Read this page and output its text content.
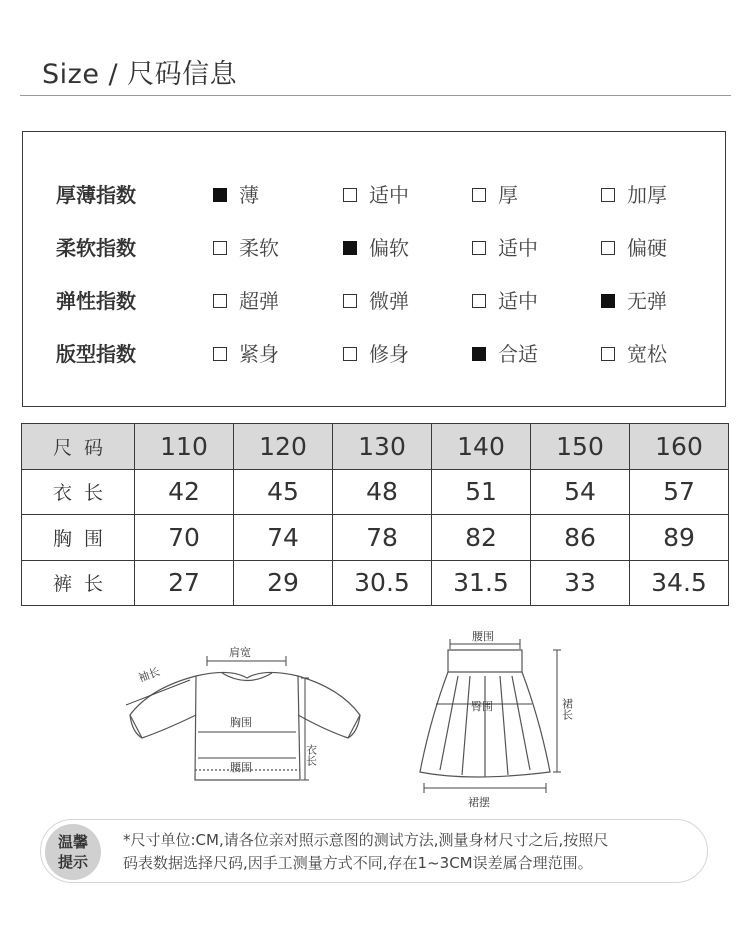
Size / 尺码信息
厚薄指数	薄	适中	厚	加厚
柔软指数	柔软	偏软	适中	偏硬
弹性指数	超弹	微弹	适中	无弹
版型指数	紧身	修身	合适	宽松
尺码	110	120	130	140	150	160
衣长	42	45	48	51	54	57
胸围	70	74	78	82	86	89
裤长	27	29	30.5	31.5	33	34.5
肩宽
袖长
胸围
腰围
衣长
腰围
臀围	裙长
裙摆
温馨
提示
*尺寸单位:CM,请各位亲对照示意图的测试方法,测量身材尺寸之后,按照尺
码表数据选择尺码,因手工测量方式不同,存在1~3CM误差属合理范围。
